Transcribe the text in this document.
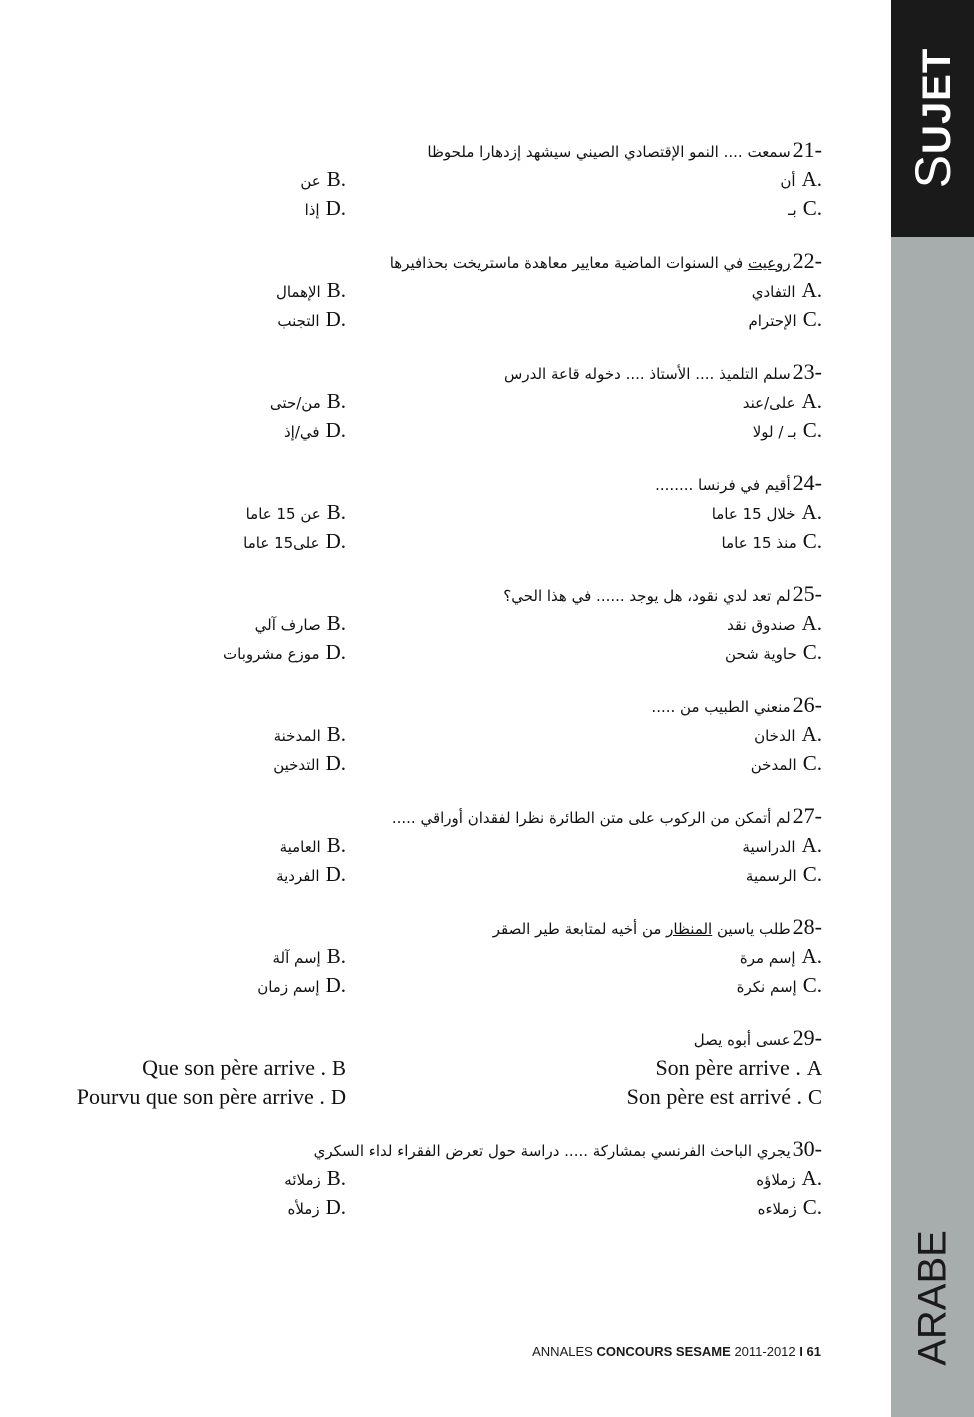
SUJET
ARABE
سمعت .... النمو الإقتصادي الصيني سيشهد إزدهارا ملحوظا 21-
أن A.
عن B.
بـ C.
إذا D.
روعيت في السنوات الماضية معايير معاهدة ماستريخت بحذافيرها	22-
التفادي A.
الإهمال B.
الإحترام C.
التجنب D.
سلم التلميذ .... الأستاذ .... دخوله قاعة الدرس 23-
على/عند A.
من/حتى B.
بـ / لولا C.
في/إذ D.
أقيم في فرنسا ........ 24-
خلال 15 عاما A.
عن 15 عاما B.
منذ 15 عاما C.
على15 عاما D.
لم تعد لدي نقود، هل يوجد ...... في هذا الحي؟ 25-
صندوق نقد A.
صارف آلي B.
حاوية شحن C.
موزع مشروبات D.
منعني الطبيب من ..... 26-
الدخان A.
المدخنة B.
المدخن C.
التدخين D.
لم أتمكن من الركوب على متن الطائرة نظرا لفقدان أوراقي ..... 27-
الدراسية A.
العامية B.
الرسمية C.
الفردية D.
طلب ياسين المنظار من أخيه لمتابعة طير الصقر	28-
إسم مرة A.
إسم آلة B.
إسم نكرة C.
إسم زمان D.
عسى أبوه يصل 29-
Son père arrive . A
Que son père arrive . B
Son père est arrivé . C
Pourvu que son père arrive . D
يجري الباحث الفرنسي بمشاركة ..... دراسة حول تعرض الفقراء لداء السكري 30-
زملاؤه A.
زملائه B.
زملاءه C.
زملأه D.
ANNALES CONCOURS SESAME 2011-2012 I 61
